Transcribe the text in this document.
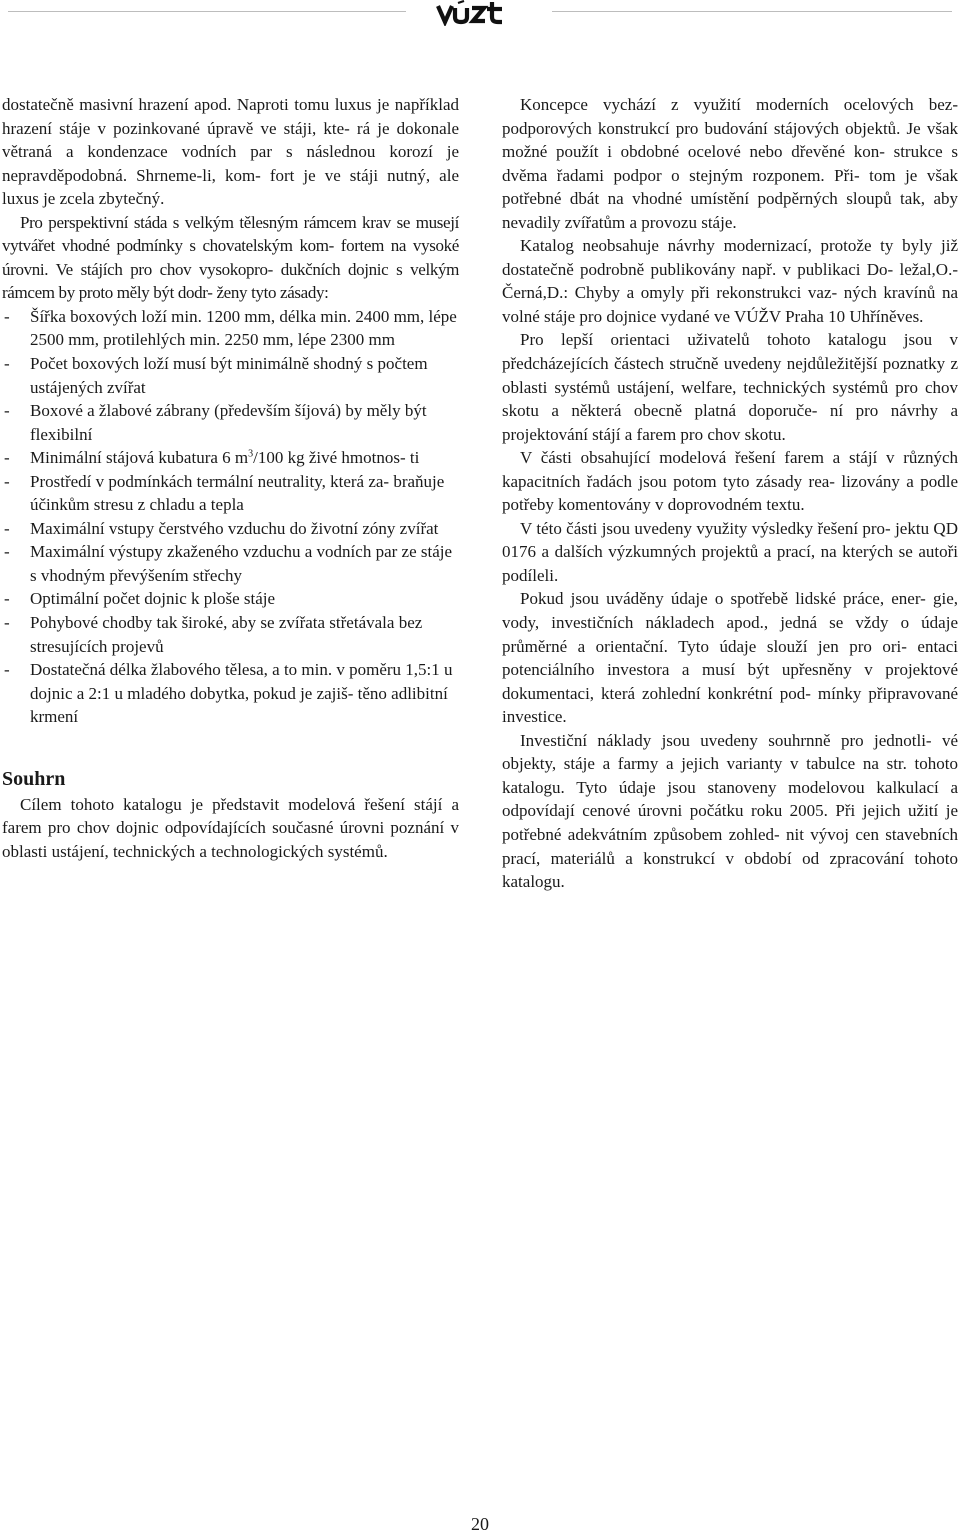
dostatečně masivní hrazení apod. Naproti tomu luxus je například hrazení stáje v pozinkované úpravě ve stáji, kte- rá je dokonale větraná a kondenzace vodních par s následnou korozí je nepravděpodobná. Shrneme-li, kom- fort je ve stáji nutný, ale luxus je zcela zbytečný.

Pro perspektivní stáda s velkým tělesným rámcem krav se musejí vytvářet vhodné podmínky s chovatelským kom- fortem na vysoké úrovni. Ve stájích pro chov vysokopro- dukčních dojnic s velkým rámcem by proto měly být dodr- ženy tyto zásady:

- Šířka boxových loží min. 1200 mm, délka min. 2400 mm, lépe 2500 mm, protilehlých min. 2250 mm, lépe 2300 mm
- Počet boxových loží musí být minimálně shodný s počtem ustájených zvířat
- Boxové a žlabové zábrany (především šíjová) by měly být flexibilní
- Minimální stájová kubatura 6 $m^3/100$ kg živé hmotnos- ti
- Prostředí v podmínkách termální neutrality, která za- braňuje účinkům stresu z chladu a tepla
- Maximální vstupy čerstvého vzduchu do životní zóny zvířat
- Maximální výstupy zkaženého vzduchu a vodních par ze stáje s vhodným převýšením střechy
- Optimální počet dojnic k ploše stáje
- Pohybové chodby tak široké, aby se zvířata střetávala bez stresujících projevů
- Dostatečná délka žlabového tělesa, a to min. v poměru 1,5:1 u dojnic a 2:1 u mladého dobytka, pokud je zajiš- těno adlibitní krmení
Souhrn

Cílem tohoto katalogu je představit modelová řešení stájí a farem pro chov dojnic odpovídajících současné úrovni poznání v oblasti ustájení, technických a technologických systémů.

Koncepce vychází z využití moderních ocelových bez- podporových konstrukcí pro budování stájových objektů. Je však možné použít i obdobné ocelové nebo dřevěné kon- strukce s dvěma řadami podpor o stejným rozponem. Při- tom je však potřebné dbát na vhodné umístění podpěrných sloupů tak, aby nevadily zvířatům a provozu stáje.

Katalog neobsahuje návrhy modernizací, protože ty byly již dostatečně podrobně publikovány např. v publikaci Do- ležal,O.- Černá,D.: Chyby a omyly při rekonstrukci vaz- ných kravínů na volné stáje pro dojnice vydané ve VÚŽV Praha 10 Uhříněves.

Pro lepší orientaci uživatelů tohoto katalogu jsou v předcházejících částech stručně uvedeny nejdůležitější poznatky z oblasti systémů ustájení, welfare, technických systémů pro chov skotu a některá obecně platná doporuče- ní pro návrhy a projektování stájí a farem pro chov skotu.

V části obsahující modelová řešení farem a stájí v různých kapacitních řadách jsou potom tyto zásady rea- lizovány a podle potřeby komentovány v doprovodném textu.

V této části jsou uvedeny využity výsledky řešení pro- jektu QD 0176 a dalších výzkumných projektů a prací, na kterých se autoři podíleli.

Pokud jsou uváděny údaje o spotřebě lidské práce, ener- gie, vody, investičních nákladech apod., jedná se vždy o údaje průměrné a orientační. Tyto údaje slouží jen pro ori- entaci potenciálního investora a musí být upřesněny v projektové dokumentaci, která zohlední konkrétní pod- mínky připravované investice.

Investiční náklady jsou uvedeny souhrnně pro jednotli- vé objekty, stáje a farmy a jejich varianty v tabulce na str. tohoto katalogu. Tyto údaje jsou stanoveny modelovou kalkulací a odpovídají cenové úrovni počátku roku 2005. Při jejich užití je potřebné adekvátním způsobem zohled- nit vývoj cen stavebních prací, materiálů a konstrukcí v období od zpracování tohoto katalogu.

20
